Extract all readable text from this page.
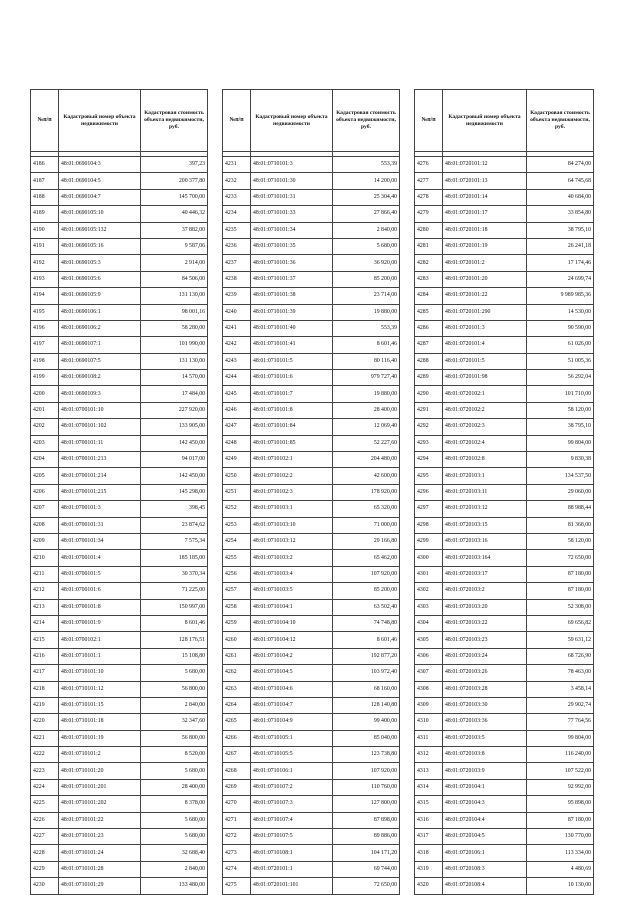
№п/п	Кадастровый номер объекта недвижимости	Кадастровая стоимость объекта недвижимости, руб.

4186	48:01:0690104:3	397,23
4187	48:01:0690104:5	200 377,80
4188	48:01:0690104:7	145 700,00
4189	48:01:0690105:10	40 446,32
4190	48:01:0690105:132	37 882,00
4191	48:01:0690105:16	9 587,06
4192	48:01:0690105:3	2 914,00
4193	48:01:0690105:6	84 506,00
4194	48:01:0690105:9	131 130,00
4195	48:01:0690106:1	98 001,16
4196	48:01:0690106:2	58 280,00
4197	48:01:0690107:1	101 990,00
4198	48:01:0690107:5	131 130,00
4199	48:01:0690108:2	14 570,00
4200	48:01:0690109:3	17 484,00
4201	48:01:0700101:10	227 920,00
4202	48:01:0700101:102	133 905,00
4203	48:01:0700101:11	142 450,00
4204	48:01:0700101:213	94 017,00
4205	48:01:0700101:214	142 450,00
4206	48:01:0700101:215	145 298,00
4207	48:01:0700101:3	398,45
4208	48:01:0700101:31	23 874,62
4209	48:01:0700101:34	7 575,34
4210	48:01:0700101:4	185 185,00
4211	48:01:0700101:5	30 370,34
4212	48:01:0700101:6	71 225,00
4213	48:01:0700101:8	150 997,00
4214	48:01:0700101:9	8 601,46
4215	48:01:0700102:1	128 176,51
4216	48:01:0710101:1	15 108,80
4217	48:01:0710101:10	5 680,00
4218	48:01:0710101:12	56 800,00
4219	48:01:0710101:15	2 840,00
4220	48:01:0710101:18	32 347,60
4221	48:01:0710101:19	56 800,00
4222	48:01:0710101:2	8 520,00
4223	48:01:0710101:20	5 680,00
4224	48:01:0710101:201	28 400,00
4225	48:01:0710101:202	8 378,00
4226	48:01:0710101:22	5 680,00
4227	48:01:0710101:23	5 680,00
4228	48:01:0710101:24	32 688,40
4229	48:01:0710101:28	2 840,00
4230	48:01:0710101:29	133 480,00
№п/п	Кадастровый номер объекта недвижимости	Кадастровая стоимость объекта недвижимости, руб.

4231	48:01:0710101:3	553,39
4232	48:01:0710101:30	14 200,00
4233	48:01:0710101:31	25 304,40
4234	48:01:0710101:33	27 866,40
4235	48:01:0710101:34	2 840,00
4236	48:01:0710101:35	5 680,00
4237	48:01:0710101:36	36 920,00
4238	48:01:0710101:37	85 200,00
4239	48:01:0710101:38	23 714,00
4240	48:01:0710101:39	19 880,00
4241	48:01:0710101:40	553,39
4242	48:01:0710101:41	8 601,46
4243	48:01:0710101:5	80 116,40
4244	48:01:0710101:6	979 727,40
4245	48:01:0710101:7	19 880,00
4246	48:01:0710101:8	28 400,00
4247	48:01:0710101:84	12 069,40
4248	48:01:0710101:85	52 227,60
4249	48:01:0710102:1	204 480,00
4250	48:01:0710102:2	42 600,00
4251	48:01:0710102:3	178 920,00
4252	48:01:0710103:1	65 320,00
4253	48:01:0710103:10	71 000,00
4254	48:01:0710103:12	29 166,80
4255	48:01:0710103:2	65 462,00
4256	48:01:0710103:4	107 920,00
4257	48:01:0710103:5	85 200,00
4258	48:01:0710104:1	63 502,40
4259	48:01:0710104:10	74 748,80
4260	48:01:0710104:12	8 601,46
4261	48:01:0710104:2	192 877,20
4262	48:01:0710104:5	103 972,40
4263	48:01:0710104:6	68 160,00
4264	48:01:0710104:7	128 140,80
4265	48:01:0710104:9	99 400,00
4266	48:01:0710105:1	85 040,00
4267	48:01:0710105:5	123 738,80
4268	48:01:0710106:1	107 920,00
4269	48:01:0710107:2	110 760,00
4270	48:01:0710107:3	127 800,00
4271	48:01:0710107:4	87 898,00
4272	48:01:0710107:5	89 886,00
4273	48:01:0710108:1	104 171,20
4274	48:01:0720101:1	69 744,00
4275	48:01:0720101:101	72 650,00
№п/п	Кадастровый номер объекта недвижимости	Кадастровая стоимость объекта недвижимости, руб.

4276	48:01:0720101:12	84 274,00
4277	48:01:0720101:13	64 745,68
4278	48:01:0720101:14	40 684,00
4279	48:01:0720101:17	33 854,80
4280	48:01:0720101:18	38 795,10
4281	48:01:0720101:19	26 241,18
4282	48:01:0720101:2	17 174,46
4283	48:01:0720101:20	24 699,74
4284	48:01:0720101:22	9 989 985,36
4285	48:01:0720101:290	14 530,00
4286	48:01:0720101:3	90 590,00
4287	48:01:0720101:4	61 026,00
4288	48:01:0720101:5	51 005,36
4289	48:01:0720101:98	56 292,04
4290	48:01:0720102:1	101 710,00
4291	48:01:0720102:2	58 120,00
4292	48:01:0720102:3	38 795,10
4293	48:01:0720102:4	99 804,00
4294	48:01:0720102:8	9 830,38
4295	48:01:0720103:1	134 537,50
4296	48:01:0720103:11	29 060,00
4297	48:01:0720103:12	88 988,44
4298	48:01:0720103:15	81 368,00
4299	48:01:0720103:16	58 120,00
4300	48:01:0720103:164	72 650,00
4301	48:01:0720103:17	87 180,00
4302	48:01:0720103:2	87 180,00
4303	48:01:0720103:20	52 308,00
4304	48:01:0720103:22	69 656,82
4305	48:01:0720103:23	59 631,12
4306	48:01:0720103:24	68 726,90
4307	48:01:0720103:26	78 463,00
4308	48:01:0720103:28	3 458,14
4309	48:01:0720103:30	29 902,74
4310	48:01:0720103:36	77 764,56
4311	48:01:0720103:5	99 804,00
4312	48:01:0720103:8	116 240,00
4313	48:01:0720103:9	107 522,00
4314	48:01:0720104:1	92 992,00
4315	48:01:0720104:3	95 898,00
4316	48:01:0720104:4	87 180,00
4317	48:01:0720104:5	130 770,00
4318	48:01:0720106:1	113 334,00
4319	48:01:0720108:3	4 480,69
4320	48:01:0720108:4	10 130,00
